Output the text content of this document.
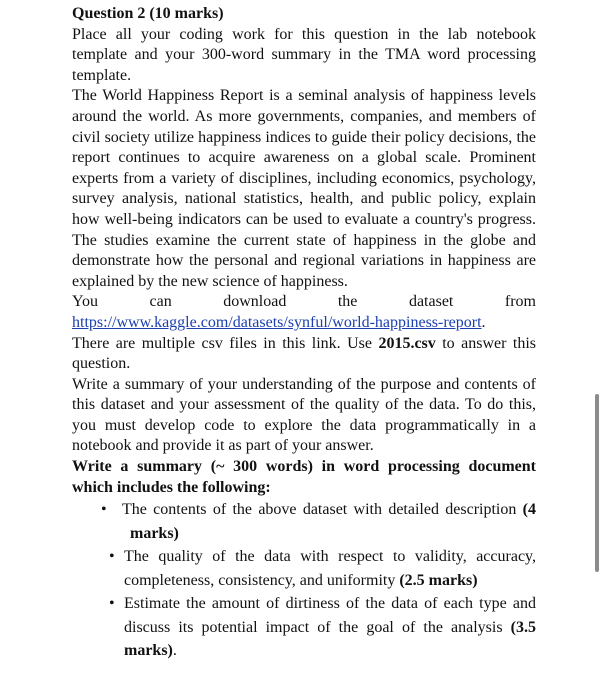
Question 2 (10 marks)

Place all your coding work for this question in the lab notebook template and your 300-word summary in the TMA word processing template.

The World Happiness Report is a seminal analysis of happiness levels around the world. As more governments, companies, and members of civil society utilize happiness indices to guide their policy decisions, the report continues to acquire awareness on a global scale. Prominent experts from a variety of disciplines, including economics, psychology, survey analysis, national statistics, health, and public policy, explain how well-being indicators can be used to evaluate a country's progress. The studies examine the current state of happiness in the globe and demonstrate how the personal and regional variations in happiness are explained by the new science of happiness.

You	can	download	the	dataset	from

https://www.kaggle.com/datasets/synful/world-happiness-report.

There are multiple csv files in this link. Use 2015.csv to answer this question.

Write a summary of your understanding of the purpose and contents of this dataset and your assessment of the quality of the data. To do this, you must develop code to explore the data programmatically in a notebook and provide it as part of your answer.

Write a summary (~ 300 words) in word processing document which includes the following:

• The contents of the above dataset with detailed description (4 marks)
• The quality of the data with respect to validity, accuracy, completeness, consistency, and uniformity (2.5 marks)
• Estimate the amount of dirtiness of the data of each type and discuss its potential impact of the goal of the analysis (3.5 marks).
